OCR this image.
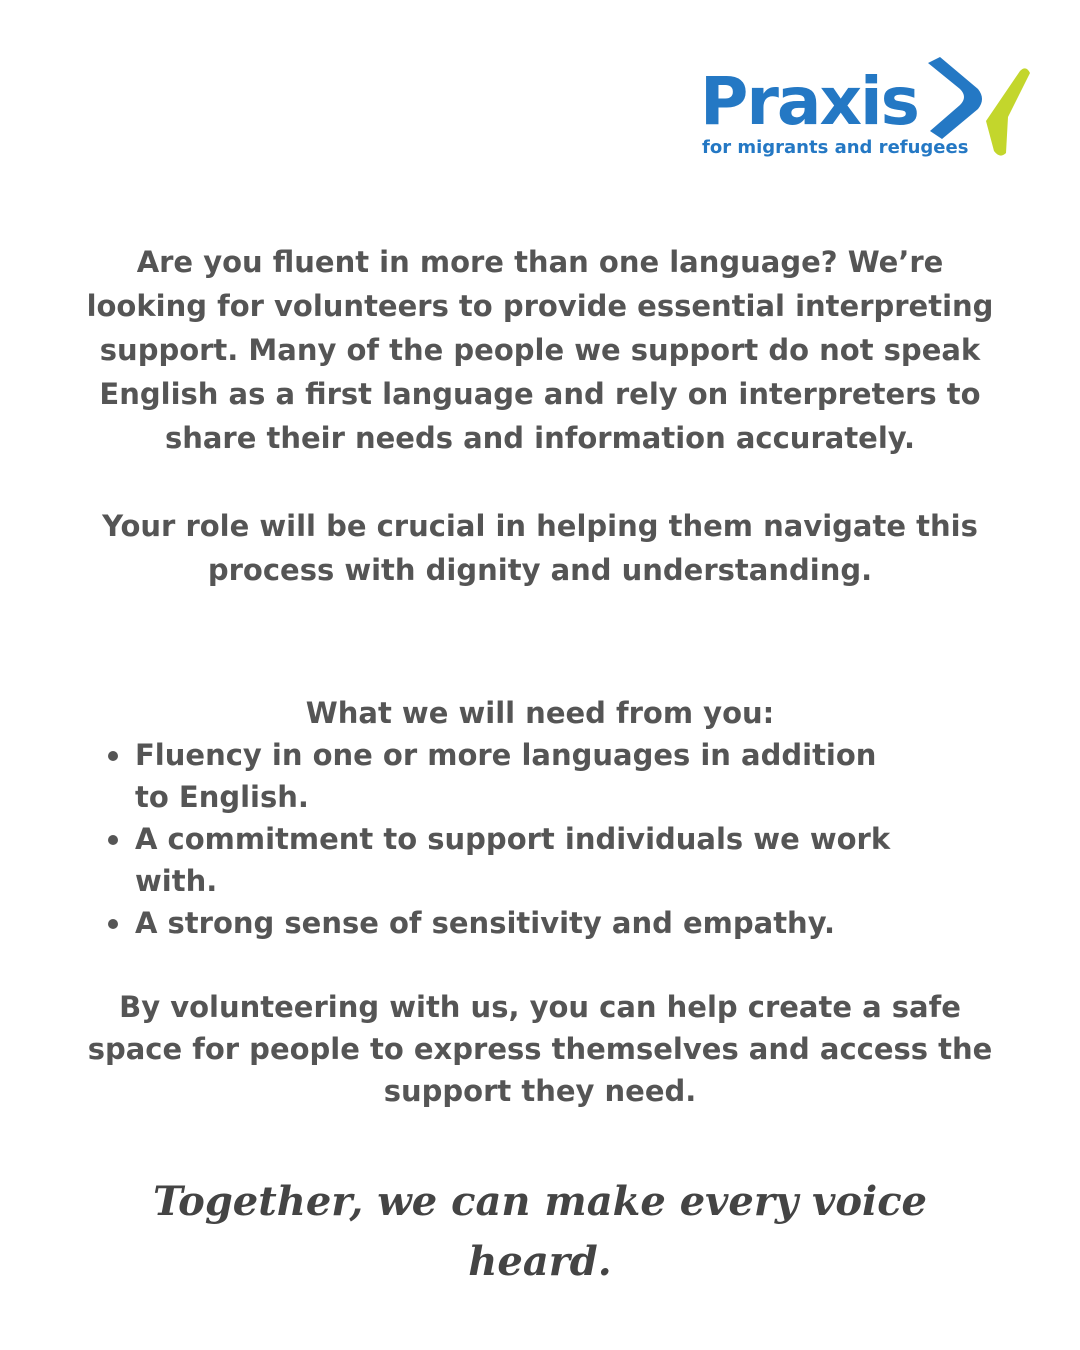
Praxis
for migrants and refugees

Are you fluent in more than one language? We’re looking for volunteers to provide essential interpreting support. Many of the people we support do not speak English as a first language and rely on interpreters to share their needs and information accurately.

Your role will be crucial in helping them navigate this process with dignity and understanding.

What we will need from you:

Fluency in one or more languages in addition to English.
A commitment to support individuals we work with.
A strong sense of sensitivity and empathy.

By volunteering with us, you can help create a safe space for people to express themselves and access the support they need.

Together, we can make every voice heard.
